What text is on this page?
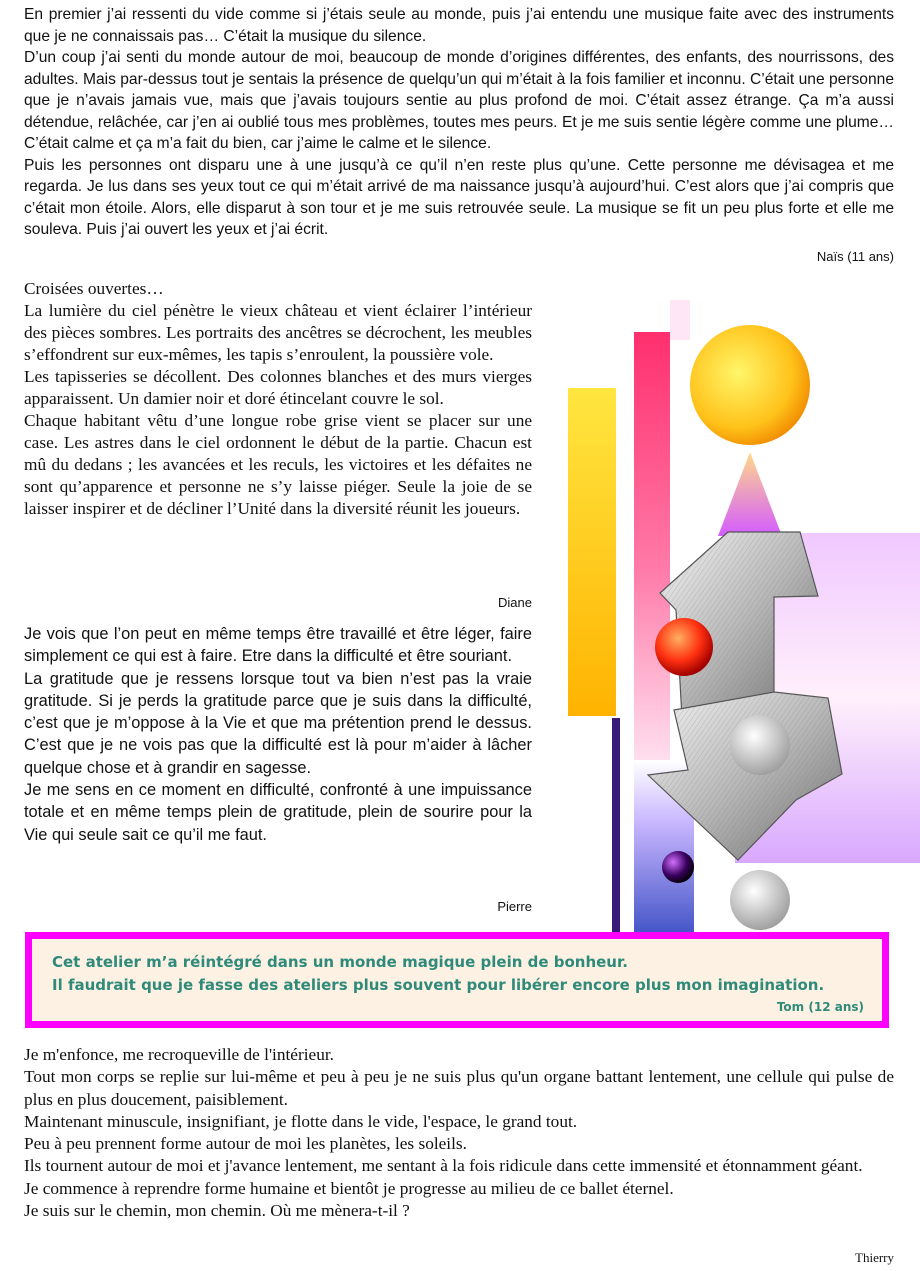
En premier j’ai ressenti du vide comme si j’étais seule au monde, puis j’ai entendu une musique faite avec des instruments que je ne connaissais pas… C’était la musique du silence.

D’un coup j’ai senti du monde autour de moi, beaucoup de monde d’origines différentes, des enfants, des nourrissons, des adultes. Mais par-dessus tout je sentais la présence de quelqu’un qui m’était à la fois familier et inconnu. C’était une personne que je n’avais jamais vue, mais que j’avais toujours sentie au plus profond de moi. C’était assez étrange. Ça m’a aussi détendue, relâchée, car j’en ai oublié tous mes problèmes, toutes mes peurs. Et je me suis sentie légère comme une plume… C’était calme et ça m’a fait du bien, car j’aime le calme et le silence.

Puis les personnes ont disparu une à une jusqu’à ce qu’il n’en reste plus qu’une. Cette personne me dévisagea et me regarda. Je lus dans ses yeux tout ce qui m’était arrivé de ma naissance jusqu’à aujourd’hui. C’est alors que j’ai compris que c’était mon étoile. Alors, elle disparut à son tour et je me suis retrouvée seule. La musique se fit un peu plus forte et elle me souleva. Puis j’ai ouvert les yeux et j’ai écrit.

Naïs (11 ans)

Croisées ouvertes…

La lumière du ciel pénètre le vieux château et vient éclairer l’intérieur des pièces sombres. Les portraits des ancêtres se décrochent, les meubles s’effondrent sur eux-mêmes, les tapis s’enroulent, la poussière vole.

Les tapisseries se décollent. Des colonnes blanches et des murs vierges apparaissent. Un damier noir et doré étincelant couvre le sol.

Chaque habitant vêtu d’une longue robe grise vient se placer sur une case. Les astres dans le ciel ordonnent le début de la partie. Chacun est mû du dedans ; les avancées et les reculs, les victoires et les défaites ne sont qu’apparence et personne ne s’y laisse piéger. Seule la joie de se laisser inspirer et de décliner l’Unité dans la diversité réunit les joueurs.

Diane

Je vois que l’on peut en même temps être travaillé et être léger, faire simplement ce qui est à faire. Etre dans la difficulté et être souriant.

La gratitude que je ressens lorsque tout va bien n’est pas la vraie gratitude. Si je perds la gratitude parce que je suis dans la difficulté, c’est que je m’oppose à la Vie et que ma prétention prend le dessus. C’est que je ne vois pas que la difficulté est là pour m’aider à lâcher quelque chose et à grandir en sagesse.

Je me sens en ce moment en difficulté, confronté à une impuissance totale et en même temps plein de gratitude, plein de sourire pour la Vie qui seule sait ce qu’il me faut.

Pierre
Cet atelier m’a réintégré dans un monde magique plein de bonheur.
Il faudrait que je fasse des ateliers plus souvent pour libérer encore plus mon imagination.
Tom (12 ans)

Je m'enfonce, me recroqueville de l'intérieur.

Tout mon corps se replie sur lui-même et peu à peu je ne suis plus qu'un organe battant lentement, une cellule qui pulse de plus en plus doucement, paisiblement.

Maintenant minuscule, insignifiant, je flotte dans le vide, l'espace, le grand tout.

Peu à peu prennent forme autour de moi les planètes, les soleils.

Ils tournent autour de moi et j'avance lentement, me sentant à la fois ridicule dans cette immensité et étonnamment géant.

Je commence à reprendre forme humaine et bientôt je progresse au milieu de ce ballet éternel.

Je suis sur le chemin, mon chemin. Où me mènera-t-il ?

Thierry
